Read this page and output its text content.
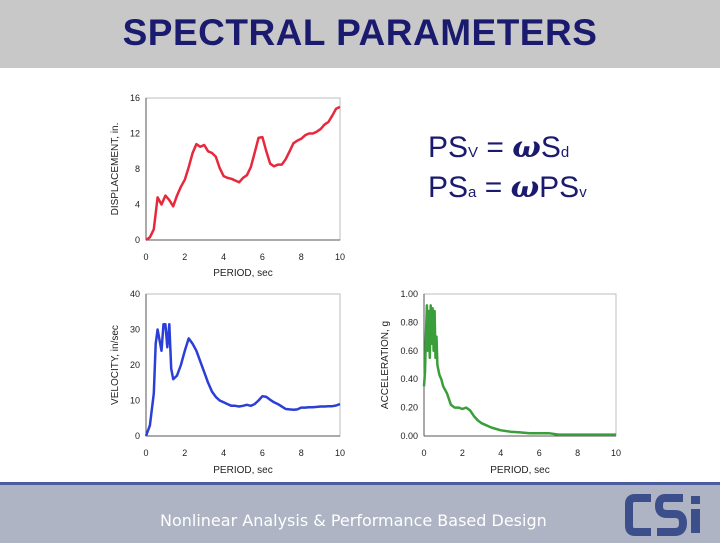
SPECTRAL PARAMETERS
PSV = ωSd
PSa = ωPSv
0	2	4	6	8	10
0
4
8
12
16
PERIOD, sec
DISPLACEMENT, in.
0	2	4	6	8	10
0
10
20
30
40
PERIOD, sec
VELOCITY, in/sec
0	2	4	6	8	10
0.00
0.20
0.40
0.60
0.80
1.00
PERIOD, sec
ACCELERATION, g
Nonlinear Analysis & Performance Based Design
